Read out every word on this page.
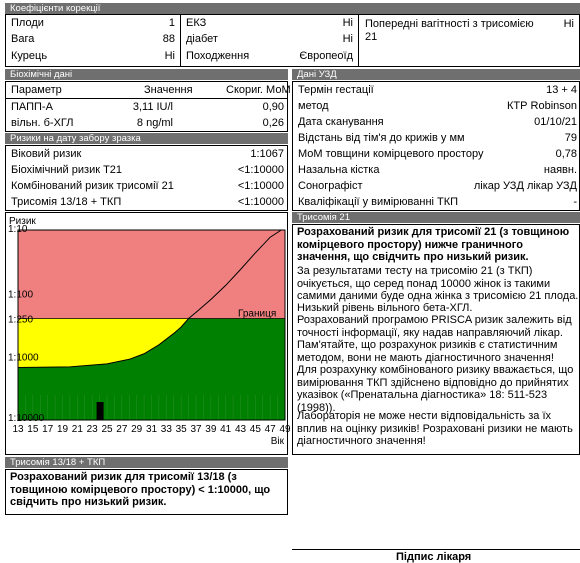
Коефіцієнти корекції
Плоди	1
Вага	88
Курець	Ні
ЕКЗ	Ні
діабет	Ні
Походження	Європеоїд
Попередні вагітності з трисомією 21
Ні
Біохімічні дані
Параметр	Значення	Скориг. МоМ
ПАПП-А	3,11 IU/l	0,90
вільн. б-ХГЛ	8 ng/ml	0,26
Ризики на дату забору зразка
Віковий ризик	1:1067
Біохімічний ризик Т21	<1:10000
Комбінований ризик трисомії 21	<1:10000
Трисомія 13/18 + ТКП	<1:10000
Дані УЗД
Термін гестації	13 + 4
метод	КТР Robinson
Дата сканування	01/10/21
Відстань від тім'я до крижів у мм	79
МоМ товщини комірцевого простору	0,78
Назальна кістка	наявн.
Сонографіст	лікар УЗД лікар УЗД
Кваліфікації у вимірюванні ТКП	-
Ризик
Границя
1:10
1:100
1:250
1:1000
1:10000
13 15 17 19 21 23 25 27 29 31 33 35 37 39 41 43 45 47 49
Вік
Трисомія 21
Розрахований ризик для трисомії 21 (з товщиною комірцевого простору) нижче граничного значення, що свідчить про низький ризик.
За результатами тесту на трисомію 21 (з ТКП) очікується, що серед понад 10000 жінок із такими самими даними буде одна жінка з трисомією 21 плода.
Низький рівень вільного бета-ХГЛ.
Розрахований програмою PRISCA ризик залежить від точності інформації, яку надав направляючий лікар.
Пам'ятайте, що розрахунок ризиків є статистичним методом, вони не мають діагностичного значення!
Для розрахунку комбінованого ризику вважається, що вимірювання ТКП здійснено відповідно до прийнятих указівок («Пренатальна діагностика» 18: 511-523 (1998)).
Лабораторія не може нести відповідальність за їх вплив на оцінку ризиків! Розраховані ризики не мають діагностичного значення!
Трисомія 13/18 + ТКП
Розрахований ризик для трисомії 13/18 (з товщиною комірцевого простору) < 1:10000, що свідчить про низький ризик.
Підпис лікаря
